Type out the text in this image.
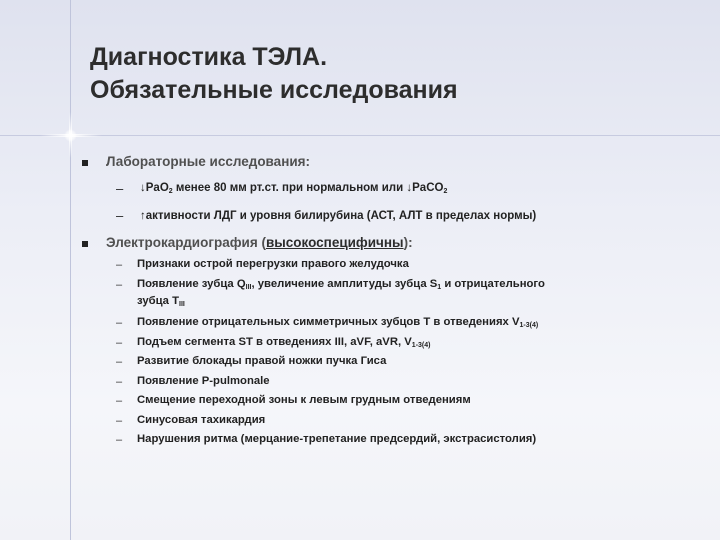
Диагностика ТЭЛА.
Обязательные исследования
Лабораторные исследования:
– ↓PaO$_2$ менее 80 мм рт.ст. при нормальном или ↓PaCO$_2$
– ↑активности ЛДГ и уровня билирубина (АСТ, АЛТ в пределах нормы)
Электрокардиография (высокоспецифичны):
– Признаки острой перегрузки правого желудочка
– Появление зубца $Q_{III}$, увеличение амплитуды зубца $S_1$ и отрицательного
зубца $Т_{III}$
– Появление отрицательных симметричных зубцов Т в отведениях $V_{1-3(4)}$
– Подъем сегмента ST в отведениях III, aVF, aVR, $V_{1-3(4)}$
– Развитие блокады правой ножки пучка Гиса
– Появление P-pulmonale
– Смещение переходной зоны к левым грудным отведениям
– Синусовая тахикардия
– Нарушения ритма (мерцание-трепетание предсердий, экстрасистолия)
